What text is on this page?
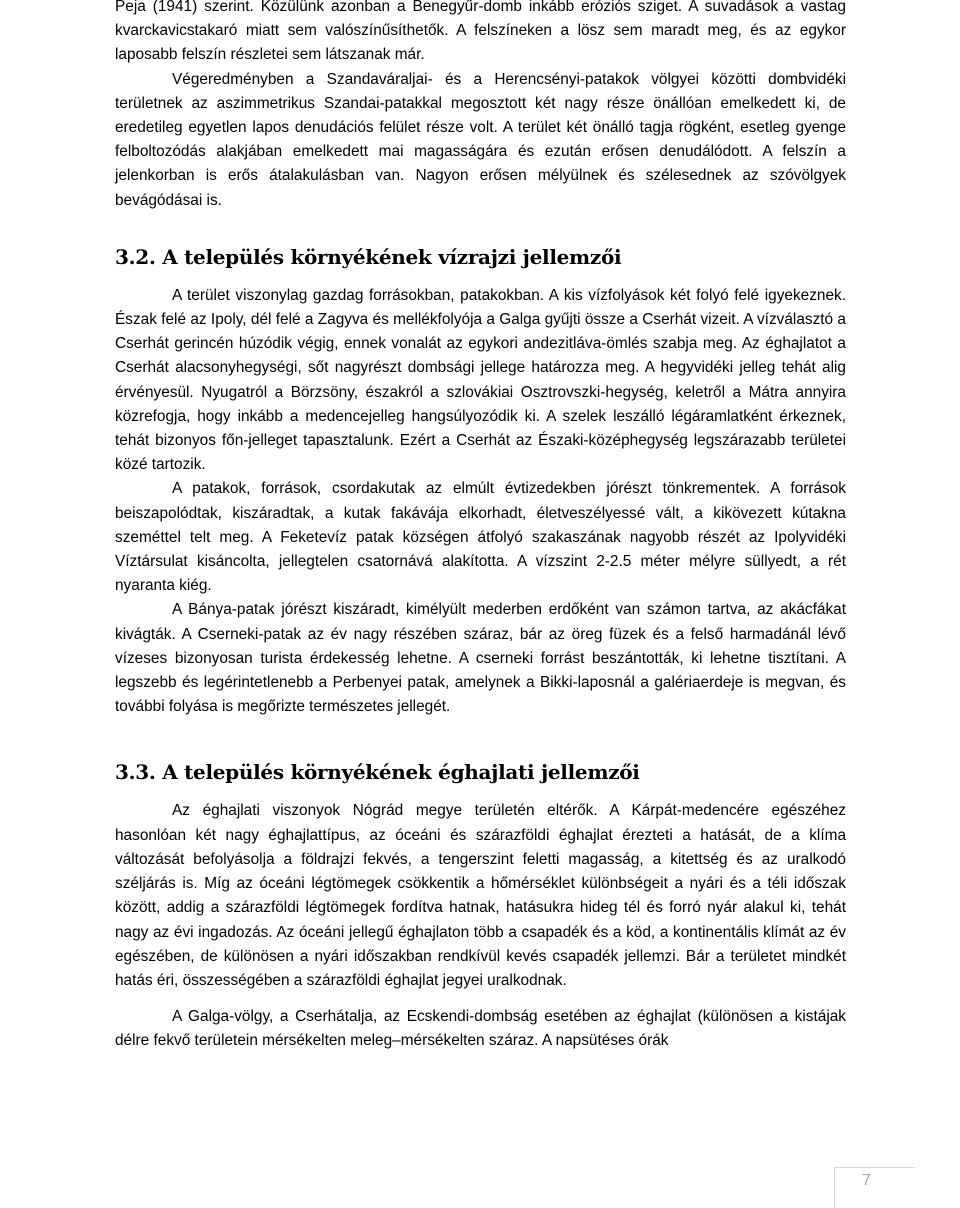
Peja (1941) szerint. Közülünk azonban a Benegyűr-domb inkább eróziós sziget. A suvadások a vastag kvarckavicstakaró miatt sem valószínűsíthetők. A felszíneken a lösz sem maradt meg, és az egykor laposabb felszín részletei sem látszanak már.

Végeredményben a Szandaváraljai- és a Herencsényi-patakok völgyei közötti dombvidéki területnek az aszimmetrikus Szandai-patakkal megosztott két nagy része önállóan emelkedett ki, de eredetileg egyetlen lapos denudációs felület része volt. A terület két önálló tagja rögként, esetleg gyenge felboltozódás alakjában emelkedett mai magasságára és ezután erősen denudálódott. A felszín a jelenkorban is erős átalakulásban van. Nagyon erősen mélyülnek és szélesednek az szóvölgyek bevágódásai is.

3.2. A település környékének vízrajzi jellemzői

A terület viszonylag gazdag forrásokban, patakokban. A kis vízfolyások két folyó felé igyekeznek. Észak felé az Ipoly, dél felé a Zagyva és mellékfolyója a Galga gyűjti össze a Cserhát vizeit. A vízválasztó a Cserhát gerincén húzódik végig, ennek vonalát az egykori andezitláva-ömlés szabja meg. Az éghajlatot a Cserhát alacsonyhegységi, sőt nagyrészt dombsági jellege határozza meg. A hegyvidéki jelleg tehát alig érvényesül. Nyugatról a Börzsöny, északról a szlovákiai Osztrovszki-hegység, keletről a Mátra annyira közrefogja, hogy inkább a medencejelleg hangsúlyozódik ki. A szelek leszálló légáramlatként érkeznek, tehát bizonyos főn-jelleget tapasztalunk. Ezért a Cserhát az Északi-középhegység legszárazabb területei közé tartozik.

A patakok, források, csordakutak az elmúlt évtizedekben jórészt tönkrementek. A források beiszapolódtak, kiszáradtak, a kutak fakávája elkorhadt, életveszélyessé vált, a kikövezett kútakna szeméttel telt meg. A Feketevíz patak községen átfolyó szakaszának nagyobb részét az Ipolyvidéki Víztársulat kisáncolta, jellegtelen csatornává alakította. A vízszint 2-2.5 méter mélyre süllyedt, a rét nyaranta kiég.

A Bánya-patak jórészt kiszáradt, kimélyült mederben erdőként van számon tartva, az akácfákat kivágták. A Cserneki-patak az év nagy részében száraz, bár az öreg füzek és a felső harmadánál lévő vízeses bizonyosan turista érdekesség lehetne. A cserneki forrást beszántották, ki lehetne tisztítani. A legszebb és legérintetlenebb a Perbenyei patak, amelynek a Bikki-laposnál a galériaerdeje is megvan, és további folyása is megőrizte természetes jellegét.

3.3. A település környékének éghajlati jellemzői

Az éghajlati viszonyok Nógrád megye területén eltérők. A Kárpát-medencére egészéhez hasonlóan két nagy éghajlattípus, az óceáni és szárazföldi éghajlat érezteti a hatását, de a klíma változását befolyásolja a földrajzi fekvés, a tengerszint feletti magasság, a kitettség és az uralkodó széljárás is. Míg az óceáni légtömegek csökkentik a hőmérséklet különbségeit a nyári és a téli időszak között, addig a szárazföldi légtömegek fordítva hatnak, hatásukra hideg tél és forró nyár alakul ki, tehát nagy az évi ingadozás. Az óceáni jellegű éghajlaton több a csapadék és a köd, a kontinentális klímát az év egészében, de különösen a nyári időszakban rendkívül kevés csapadék jellemzi. Bár a területet mindkét hatás éri, összességében a szárazföldi éghajlat jegyei uralkodnak.

A Galga-völgy, a Cserhátalja, az Ecskendi-dombság esetében az éghajlat (különösen a kistájak délre fekvő területein mérsékelten meleg–mérsékelten száraz. A napsütéses órák

7
